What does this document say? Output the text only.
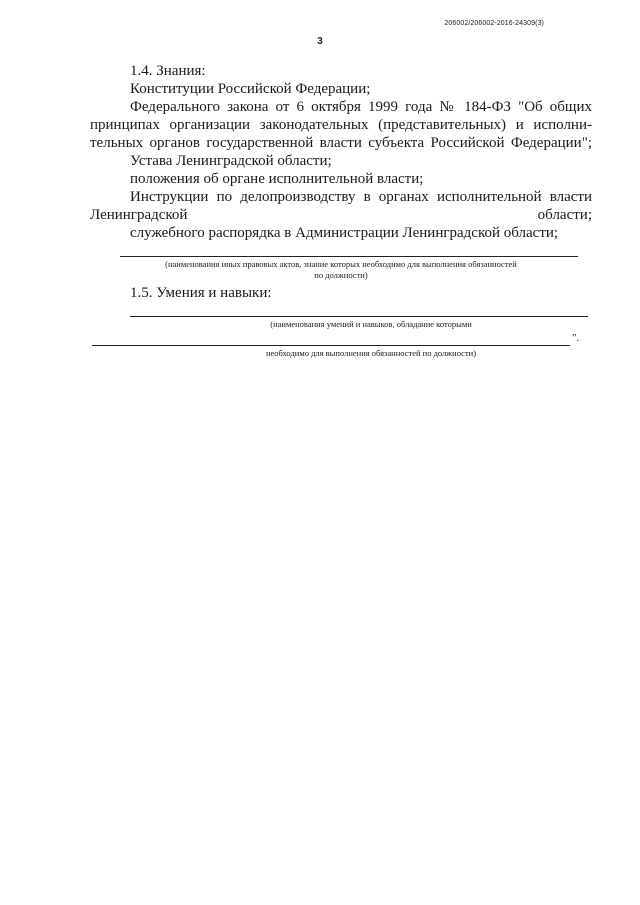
206002/206002-2016-24309(3)
3

1.4. Знания:

Конституции Российской Федерации;

Федерального закона от 6 октября 1999 года № 184-ФЗ "Об общих принципах организации законодательных (представительных) и исполни-тельных органов государственной власти субъекта Российской Федерации";

Устава Ленинградской области;

положения об органе исполнительной власти;

Инструкции по делопроизводству в органах исполнительной власти Ленинградской области;

служебного распорядка в Администрации Ленинградской области;

(наименования иных правовых актов, знание которых необходимо для выполнения обязанностей
по должности)

1.5. Умения и навыки:

(наименования умений и навыков, обладание которыми
".
необходимо для выполнения обязанностей по должности)
